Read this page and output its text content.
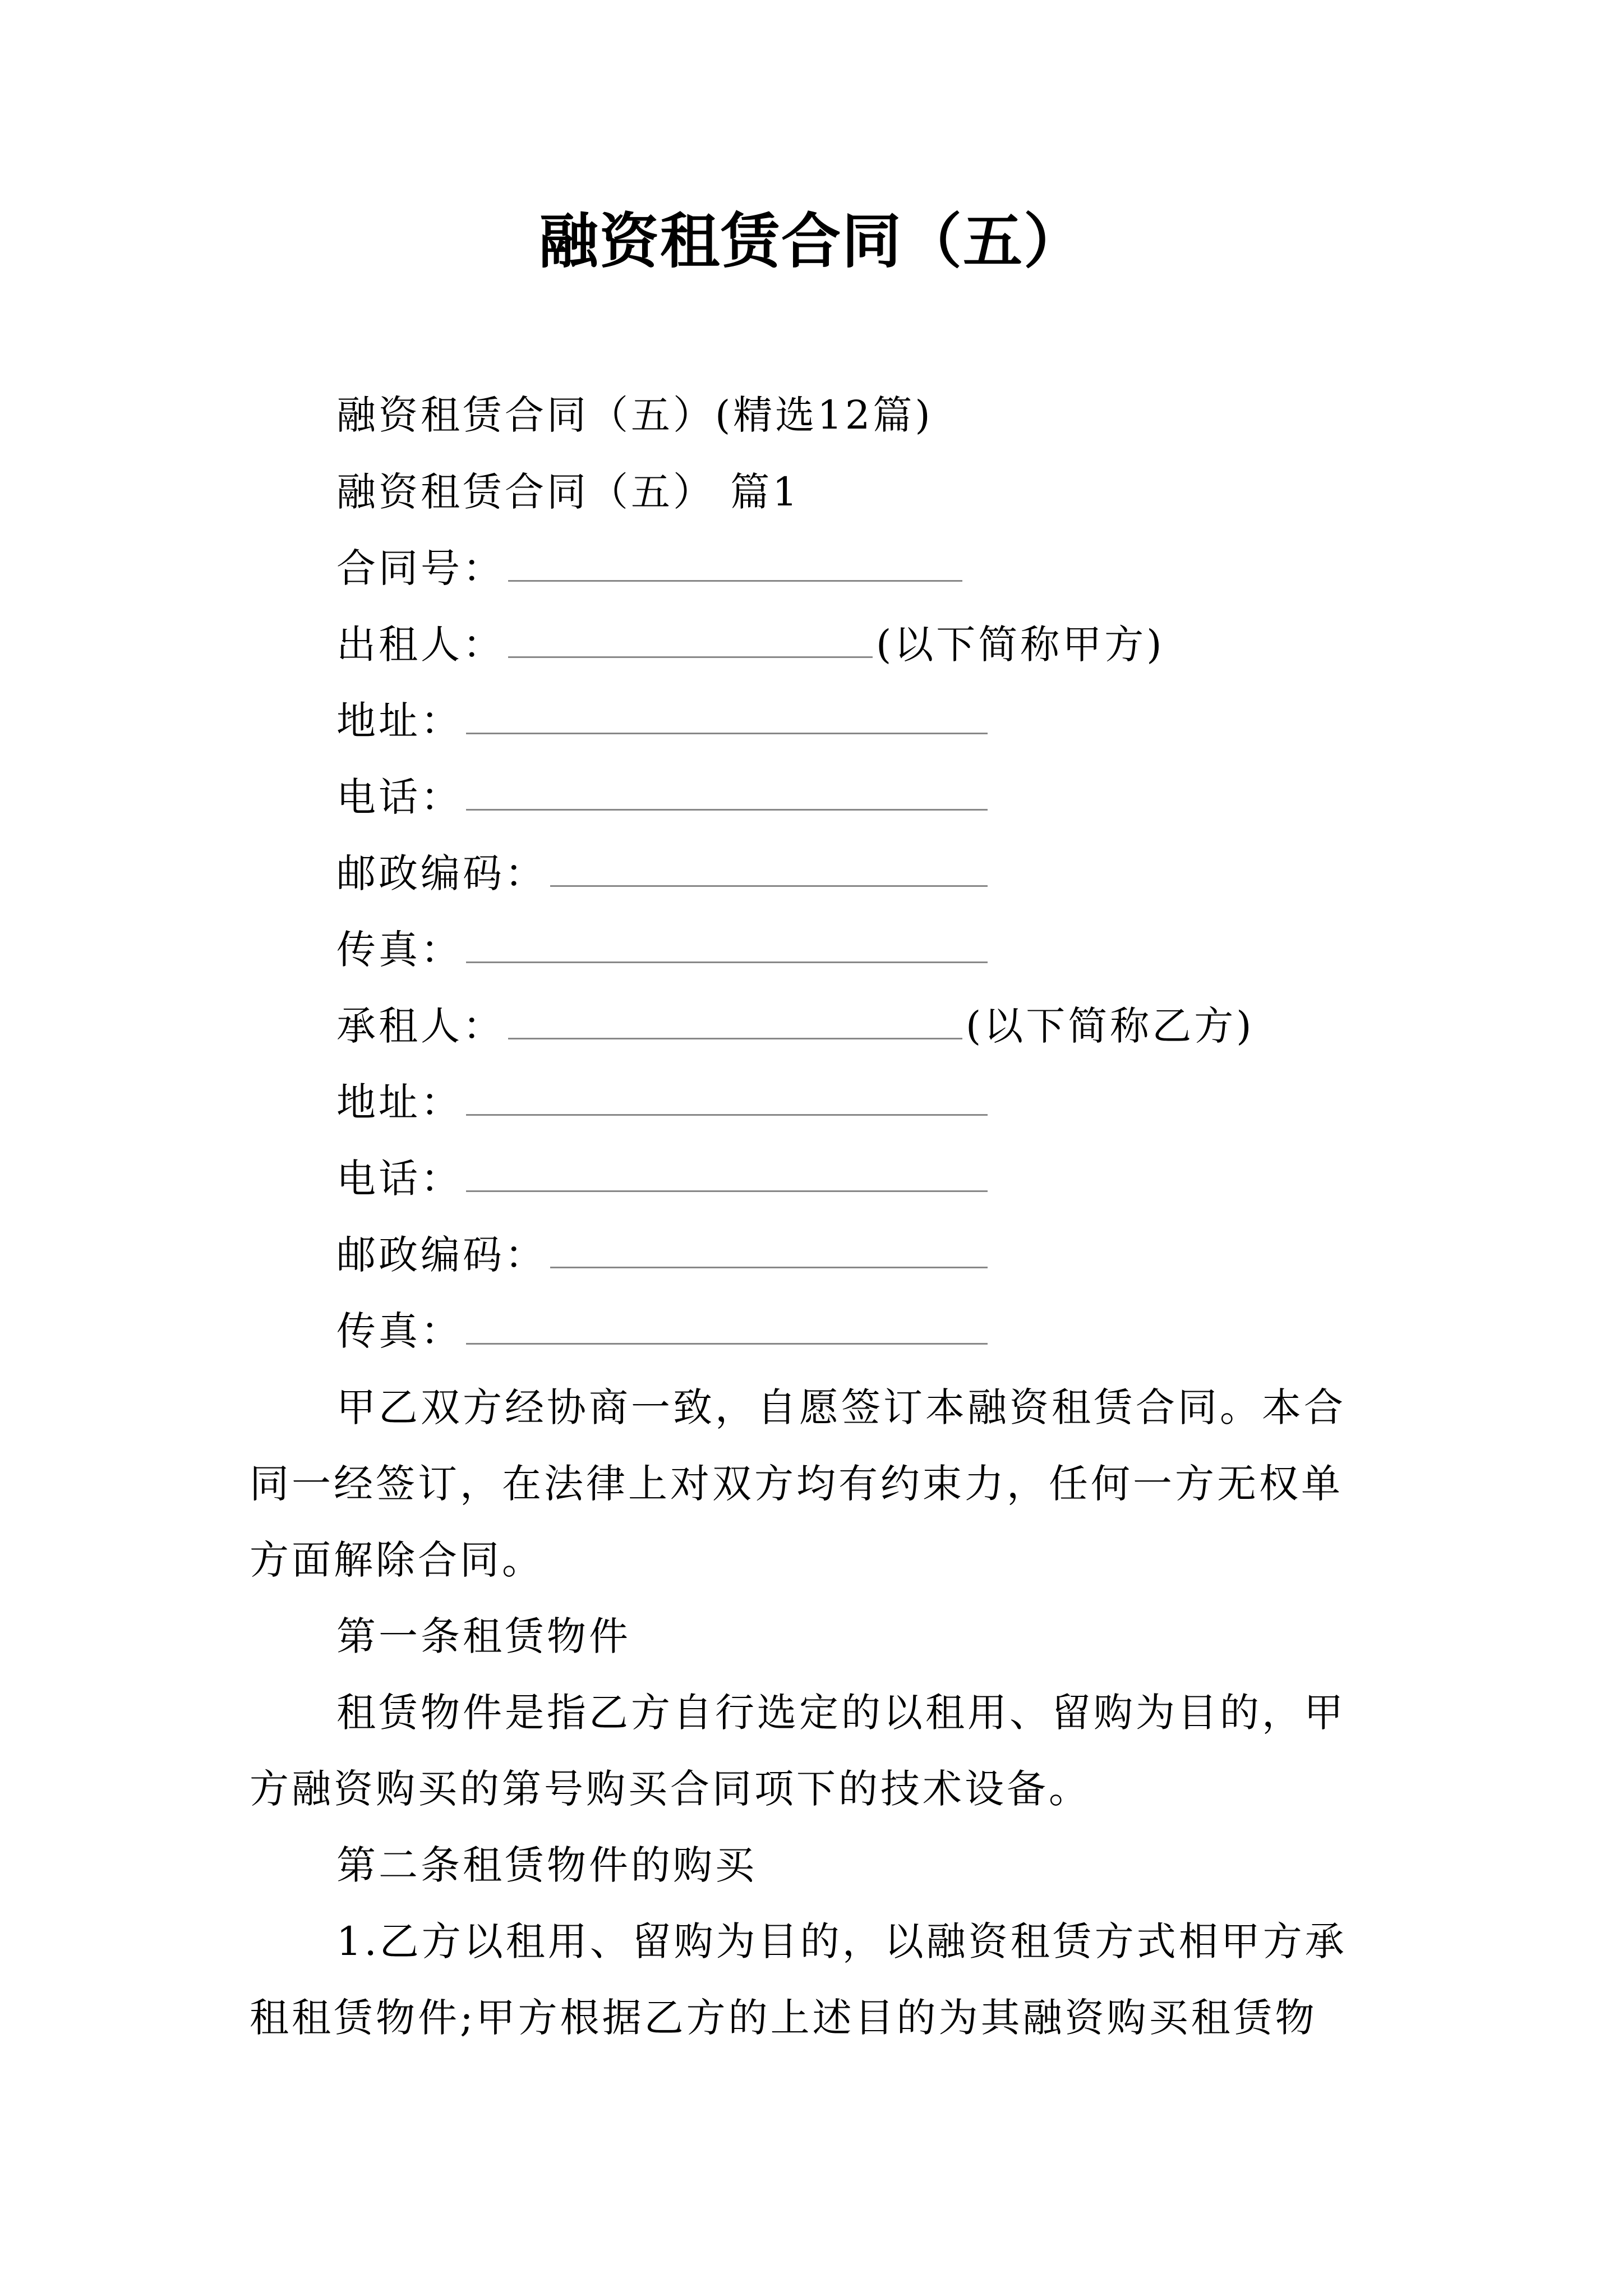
融资租赁合同（五）
融资租赁合同（五）(精选12篇)
融资租赁合同（五） 篇1
合同号：
出租人：	(以下简称甲方)
地址：
电话：
邮政编码：
传真：
承租人：	(以下简称乙方)
地址：
电话：
邮政编码：
传真：
甲乙双方经协商一致，自愿签订本融资租赁合同。本合
同一经签订，在法律上对双方均有约束力，任何一方无权单
方面解除合同。
第一条租赁物件
租赁物件是指乙方自行选定的以租用、留购为目的，甲
方融资购买的第号购买合同项下的技术设备。
第二条租赁物件的购买
1.乙方以租用、留购为目的，以融资租赁方式相甲方承
租租赁物件;甲方根据乙方的上述目的为其融资购买租赁物
